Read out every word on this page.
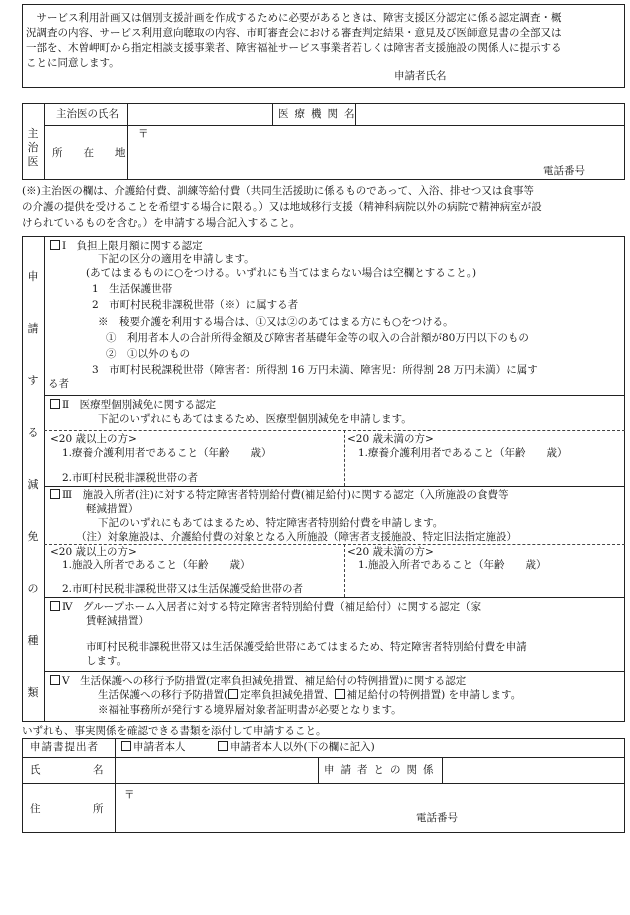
　サービス利用計画又は個別支援計画を作成するために必要があるときは、障害支援区分認定に係る認定調査・概
況調査の内容、サービス利用意向聴取の内容、市町審査会における審査判定結果・意見及び医師意見書の全部又は
一部を、木曽岬町から指定相談支援事業者、障害福祉サービス事業者若しくは障害者支援施設の関係人に提示する
ことに同意します。
申請者氏名
主
治
医
主治医の氏名	医療機関名
〒
所　　在　　地
電話番号
(※)主治医の欄は、介護給付費、訓練等給付費（共同生活援助に係るものであって、入浴、排せつ又は食事等
の介護の提供を受けることを希望する場合に限る。）又は地域移行支援（精神科病院以外の病院で精神病室が設
けられているものを含む。）を申請する場合記入すること。
申
請
す
る
減
免
の
種
類
Ⅰ　負担上限月額に関する認定
下記の区分の適用を申請します。
(あてはまるものに○をつける。いずれにも当てはまらない場合は空欄とすること。)
1　生活保護世帯
2　市町村民税非課税世帯（※）に属する者
※　稜要介護を利用する場合は、①又は②のあてはまる方にも○をつける。
①　利用者本人の合計所得金額及び障害者基礎年金等の収入の合計額が80万円以下のもの
②　①以外のもの
3　市町村民税課税世帯（障害者：所得割 16 万円未満、障害児：所得割 28 万円未満）に属す
る者
Ⅱ　医療型個別減免に関する認定
下記のいずれにもあてはまるため、医療型個別減免を申請します。
<20 歳以上の方>
1.療養介護利用者であること（年齢　　歳）
2.市町村民税非課税世帯の者
<20 歳未満の方>
1.療養介護利用者であること（年齢　　歳）
Ⅲ　施設入所者(注)に対する特定障害者特別給付費(補足給付)に関する認定（入所施設の食費等
軽減措置）
下記のいずれにもあてはまるため、特定障害者特別給付費を申請します。
（注）対象施設は、介護給付費の対象となる入所施設（障害者支援施設、特定旧法指定施設）
<20 歳以上の方>
1.施設入所者であること（年齢　　歳）
2.市町村民税非課税世帯又は生活保護受給世帯の者
<20 歳未満の方>
1.施設入所者であること（年齢　　歳）
Ⅳ　グループホーム入居者に対する特定障害者特別給付費（補足給付）に関する認定（家
賃軽減措置）
市町村民税非課税世帯又は生活保護受給世帯にあてはまるため、特定障害者特別給付費を申請
します。
Ⅴ　生活保護への移行予防措置(定率負担減免措置、補足給付の特例措置)に関する認定
生活保護への移行予防措置( 定率負担減免措置、 補足給付の特例措置) を申請します。
※福祉事務所が発行する境界層対象者証明書が必要となります。
いずれも、事実関係を確認できる書類を添付して申請すること。
申請書提出者	申請者本人	申請者本人以外(下の欄に記入)
氏　　　　　名	申請者との関係
〒
住　　　　　所
電話番号
